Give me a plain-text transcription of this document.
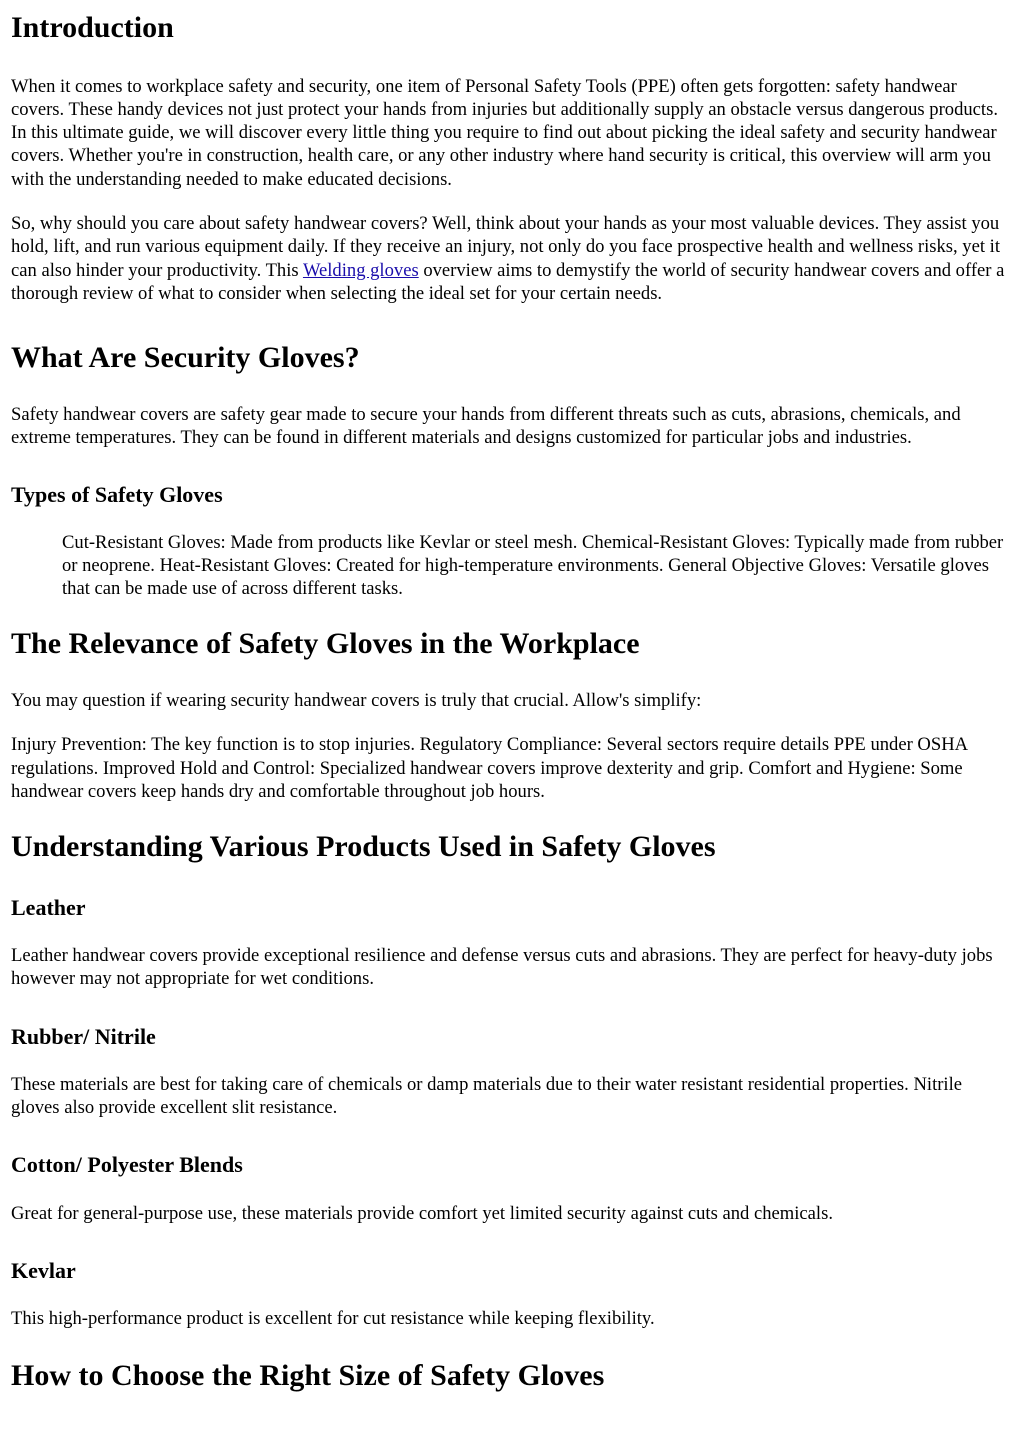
Introduction

When it comes to workplace safety and security, one item of Personal Safety Tools (PPE) often gets forgotten: safety handwear covers. These handy devices not just protect your hands from injuries but additionally supply an obstacle versus dangerous products. In this ultimate guide, we will discover every little thing you require to find out about picking the ideal safety and security handwear covers. Whether you're in construction, health care, or any other industry where hand security is critical, this overview will arm you with the understanding needed to make educated decisions.

So, why should you care about safety handwear covers? Well, think about your hands as your most valuable devices. They assist you hold, lift, and run various equipment daily. If they receive an injury, not only do you face prospective health and wellness risks, yet it can also hinder your productivity. This Welding gloves overview aims to demystify the world of security handwear covers and offer a thorough review of what to consider when selecting the ideal set for your certain needs.

What Are Security Gloves?

Safety handwear covers are safety gear made to secure your hands from different threats such as cuts, abrasions, chemicals, and extreme temperatures. They can be found in different materials and designs customized for particular jobs and industries.

Types of Safety Gloves
Cut-Resistant Gloves: Made from products like Kevlar or steel mesh. Chemical-Resistant Gloves: Typically made from rubber or neoprene. Heat-Resistant Gloves: Created for high-temperature environments. General Objective Gloves: Versatile gloves that can be made use of across different tasks.
The Relevance of Safety Gloves in the Workplace

You may question if wearing security handwear covers is truly that crucial. Allow's simplify:

Injury Prevention: The key function is to stop injuries. Regulatory Compliance: Several sectors require details PPE under OSHA regulations. Improved Hold and Control: Specialized handwear covers improve dexterity and grip. Comfort and Hygiene: Some handwear covers keep hands dry and comfortable throughout job hours.

Understanding Various Products Used in Safety Gloves
Leather

Leather handwear covers provide exceptional resilience and defense versus cuts and abrasions. They are perfect for heavy-duty jobs however may not appropriate for wet conditions.

Rubber/ Nitrile

These materials are best for taking care of chemicals or damp materials due to their water resistant residential properties. Nitrile gloves also provide excellent slit resistance.

Cotton/ Polyester Blends

Great for general-purpose use, these materials provide comfort yet limited security against cuts and chemicals.

Kevlar

This high-performance product is excellent for cut resistance while keeping flexibility.

How to Choose the Right Size of Safety Gloves
